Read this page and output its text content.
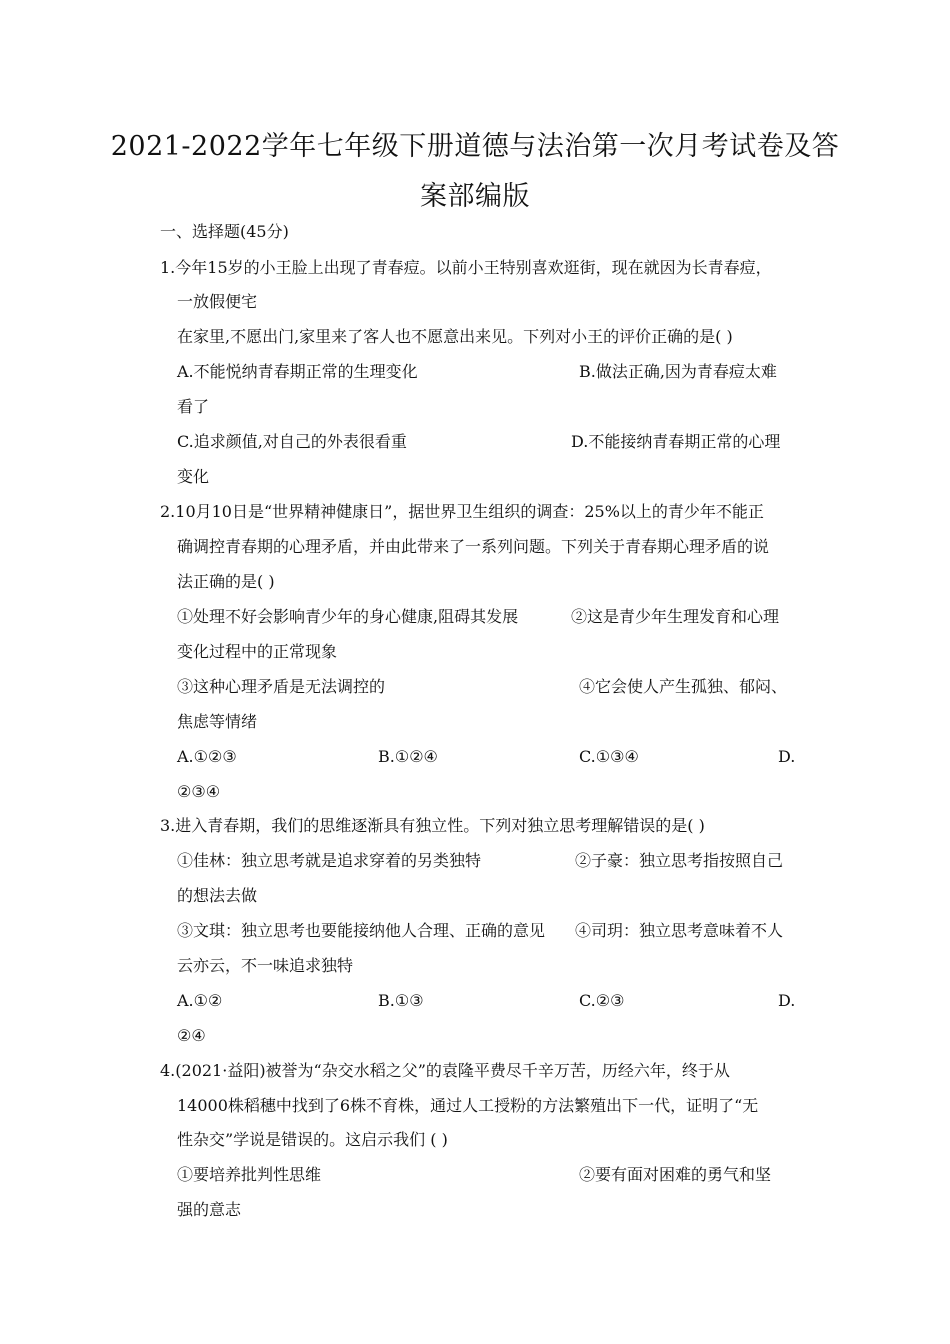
2021-2022学年七年级下册道德与法治第一次月考试卷及答
案部编版
一、选择题(45分)
1.今年15岁的小王脸上出现了青春痘。以前小王特别喜欢逛街，现在就因为长青春痘，
一放假便宅
在家里,不愿出门,家里来了客人也不愿意出来见。下列对小王的评价正确的是( )
A.不能悦纳青春期正常的生理变化	B.做法正确,因为青春痘太难
看了
C.追求颜值,对自己的外表很看重	D.不能接纳青春期正常的心理
变化
2.10月10日是“世界精神健康日”，据世界卫生组织的调查：25%以上的青少年不能正
确调控青春期的心理矛盾，并由此带来了一系列问题。下列关于青春期心理矛盾的说
法正确的是( )
①处理不好会影响青少年的身心健康,阻碍其发展	②这是青少年生理发育和心理
变化过程中的正常现象
③这种心理矛盾是无法调控的	④它会使人产生孤独、郁闷、
焦虑等情绪
A.①②③	B.①②④	C.①③④	D.
②③④
3.进入青春期，我们的思维逐渐具有独立性。下列对独立思考理解错误的是( )
①佳林：独立思考就是追求穿着的另类独特	②子豪：独立思考指按照自己
的想法去做
③文琪：独立思考也要能接纳他人合理、正确的意见 ④司玥：独立思考意味着不人
云亦云，不一味追求独特
A.①②	B.①③	C.②③	D.
②④
4.(2021·益阳)被誉为“杂交水稻之父”的袁隆平费尽千辛万苦，历经六年，终于从
14000株稻穗中找到了6株不育株，通过人工授粉的方法繁殖出下一代，证明了“无
性杂交”学说是错误的。这启示我们 ( )
①要培养批判性思维	②要有面对困难的勇气和坚
强的意志
